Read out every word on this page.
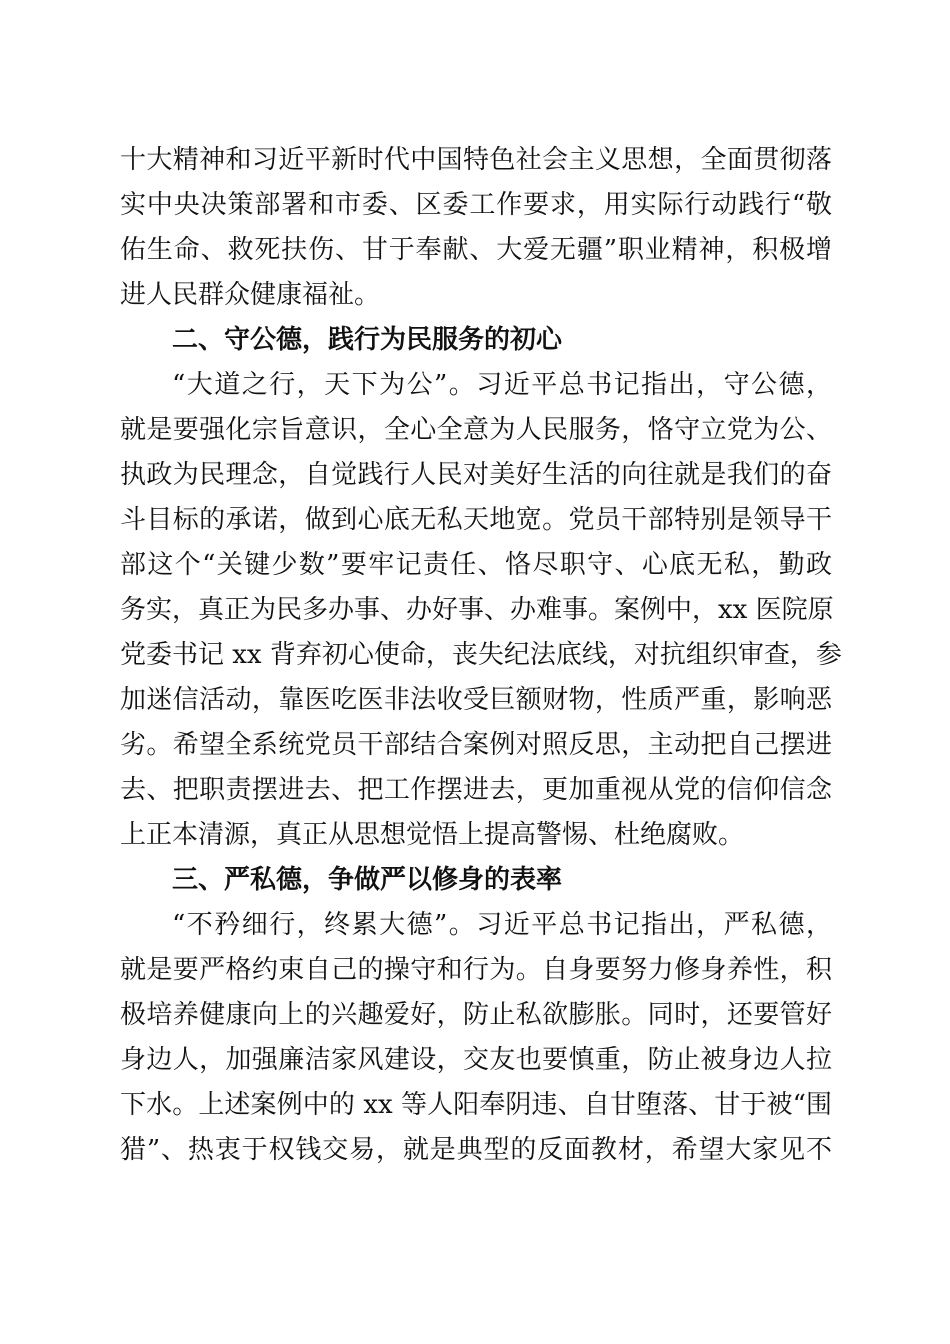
十大精神和习近平新时代中国特色社会主义思想，全面贯彻落
实中央决策部署和市委、区委工作要求，用实际行动践行“敬
佑生命、救死扶伤、甘于奉献、大爱无疆”职业精神，积极增
进人民群众健康福祉。
二、守公德，践行为民服务的初心
“大道之行，天下为公”。习近平总书记指出，守公德，
就是要强化宗旨意识，全心全意为人民服务，恪守立党为公、
执政为民理念，自觉践行人民对美好生活的向往就是我们的奋
斗目标的承诺，做到心底无私天地宽。党员干部特别是领导干
部这个“关键少数”要牢记责任、恪尽职守、心底无私，勤政
务实，真正为民多办事、办好事、办难事。案例中，xx 医院原
党委书记 xx 背弃初心使命，丧失纪法底线，对抗组织审查，参
加迷信活动，靠医吃医非法收受巨额财物，性质严重，影响恶
劣。希望全系统党员干部结合案例对照反思，主动把自己摆进
去、把职责摆进去、把工作摆进去，更加重视从党的信仰信念
上正本清源，真正从思想觉悟上提高警惕、杜绝腐败。
三、严私德，争做严以修身的表率
“不矜细行，终累大德”。习近平总书记指出，严私德，
就是要严格约束自己的操守和行为。自身要努力修身养性，积
极培养健康向上的兴趣爱好，防止私欲膨胀。同时，还要管好
身边人，加强廉洁家风建设，交友也要慎重，防止被身边人拉
下水。上述案例中的 xx 等人阳奉阴违、自甘堕落、甘于被“围
猎”、热衷于权钱交易，就是典型的反面教材，希望大家见不
